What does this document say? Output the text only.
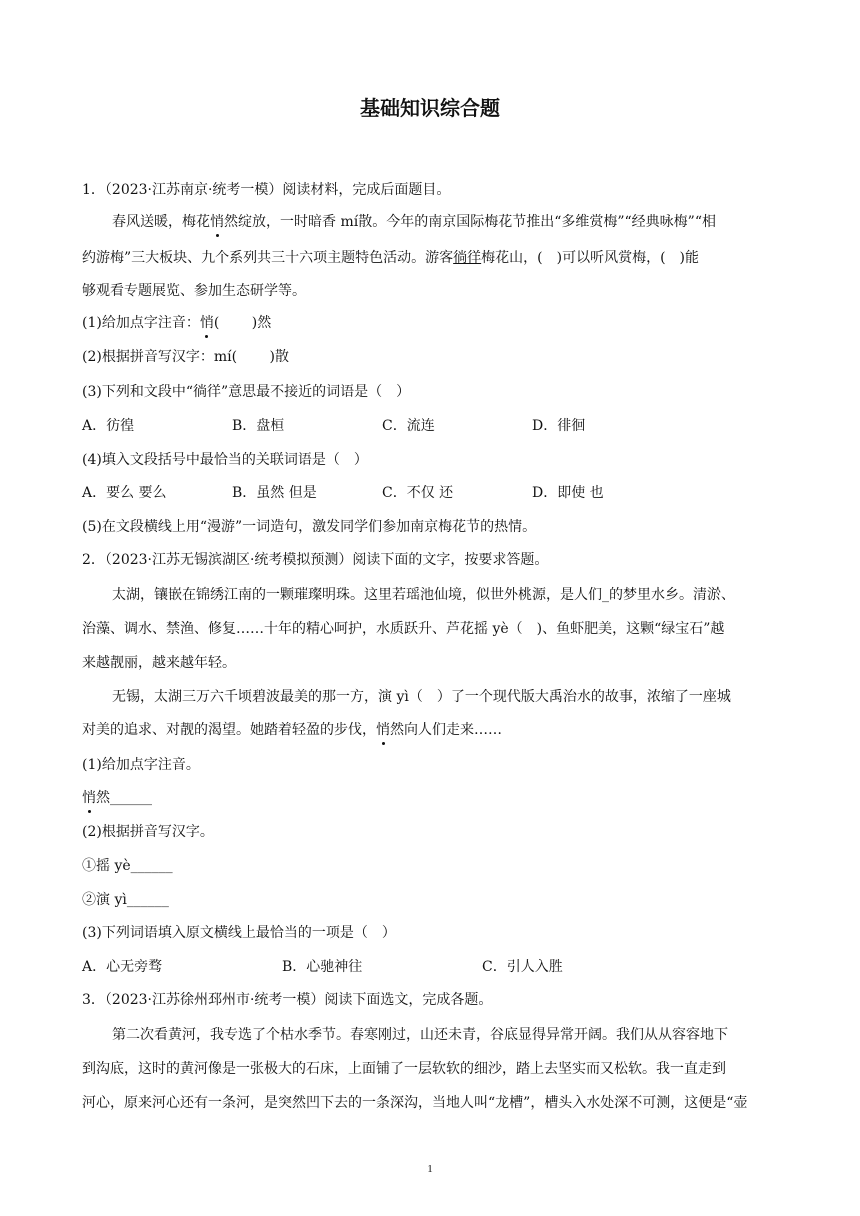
基础知识综合题
1．（2023·江苏南京·统考一模）阅读材料，完成后面题目。
春风送暖，梅花悄然绽放，一时暗香 mí散。今年的南京国际梅花节推出“多维赏梅”“经典咏梅”“相
约游梅”三大板块、九个系列共三十六项主题特色活动。游客徜徉梅花山，(　)可以听风赏梅，(　)能
够观看专题展览、参加生态研学等。
(1)给加点字注音：悄(　　 )然
(2)根据拼音写汉字：mí(　　 )散
(3)下列和文段中“徜徉”意思最不接近的词语是（　）
A．彷徨	B．盘桓	C．流连	D．徘徊
(4)填入文段括号中最恰当的关联词语是（　）
A．要么 要么	B．虽然 但是	C．不仅 还	D．即使 也
(5)在文段横线上用“漫游”一词造句，激发同学们参加南京梅花节的热情。
2．（2023·江苏无锡滨湖区·统考模拟预测）阅读下面的文字，按要求答题。
太湖，镶嵌在锦绣江南的一颗璀璨明珠。这里若瑶池仙境，似世外桃源，是人们_的梦里水乡。清淤、
治藻、调水、禁渔、修复……十年的精心呵护，水质跃升、芦花摇 yè（　)、鱼虾肥美，这颗“绿宝石”越
来越靓丽，越来越年轻。
无锡，太湖三万六千顷碧波最美的那一方，演 yì（　）了一个现代版大禹治水的故事，浓缩了一座城
对美的追求、对靓的渴望。她踏着轻盈的步伐，悄然向人们走来……
(1)给加点字注音。
悄然______
(2)根据拼音写汉字。
①摇 yè______
②演 yì______
(3)下列词语填入原文横线上最恰当的一项是（　）
A．心无旁骛	B．心驰神往	C．引人入胜
3．（2023·江苏徐州邳州市·统考一模）阅读下面选文，完成各题。
第二次看黄河，我专选了个枯水季节。春寒刚过，山还未青，谷底显得异常开阔。我们从从容容地下
到沟底，这时的黄河像是一张极大的石床，上面铺了一层软软的细沙，踏上去坚实而又松软。我一直走到
河心，原来河心还有一条河，是突然凹下去的一条深沟，当地人叫“龙槽”，槽头入水处深不可测，这便是“壶
1
